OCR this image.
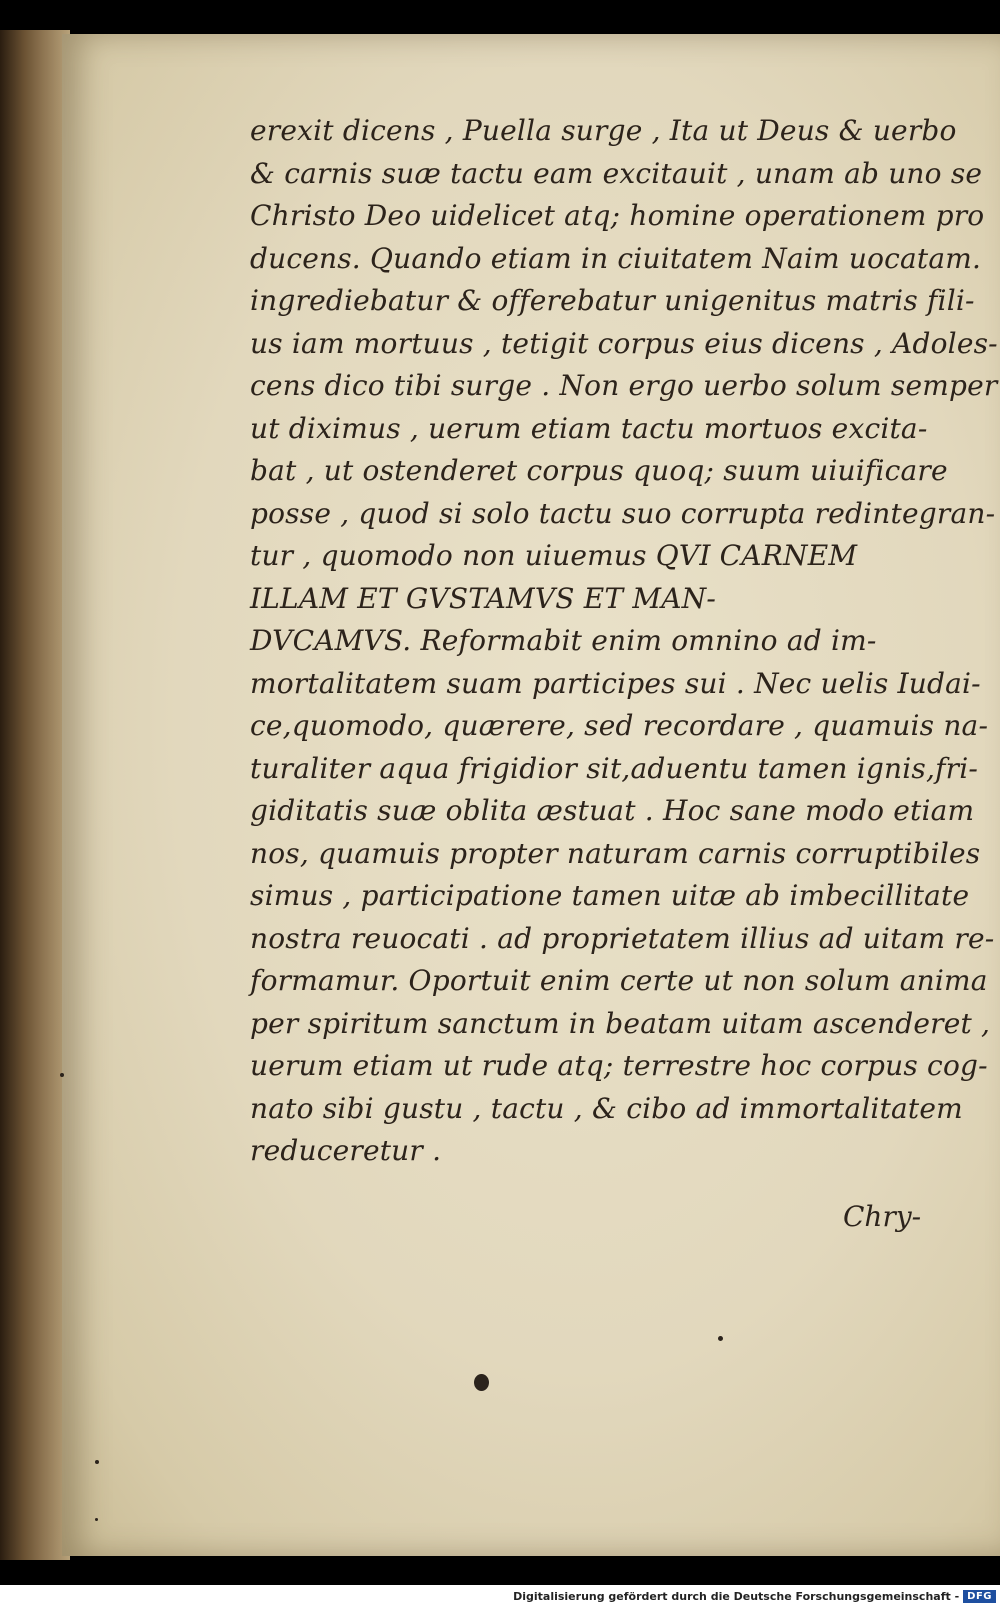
erexit dicens , Puella surge , Ita ut Deus & uerbo
& carnis suæ tactu eam excitauit , unam ab uno se
Christo Deo uidelicet atq; homine operationem pro
ducens. Quando etiam in ciuitatem Naim uocatam.
ingrediebatur & offerebatur unigenitus matris fili-
us iam mortuus , tetigit corpus eius dicens , Adoles-
cens dico tibi surge . Non ergo uerbo solum semper
ut diximus , uerum etiam tactu mortuos excita-
bat , ut ostenderet corpus quoq; suum uiuificare
posse , quod si solo tactu suo corrupta redintegran-
tur , quomodo non uiuemus QVI CARNEM
ILLAM ET GVSTAMVS ET MAN-
DVCAMVS. Reformabit enim omnino ad im-
mortalitatem suam participes sui . Nec uelis Iudai-
ce,quomodo, quærere, sed recordare , quamuis na-
turaliter aqua frigidior sit,aduentu tamen ignis,fri-
giditatis suæ oblita æstuat . Hoc sane modo etiam
nos, quamuis propter naturam carnis corruptibiles
simus , participatione tamen uitæ ab imbecillitate
nostra reuocati . ad proprietatem illius ad uitam re-
formamur. Oportuit enim certe ut non solum anima
per spiritum sanctum in beatam uitam ascenderet ,
uerum etiam ut rude atq; terrestre hoc corpus cog-
nato sibi gustu , tactu , & cibo ad immortalitatem
reduceretur .
Chry-
Digitalisierung gefördert durch die Deutsche Forschungsgemeinschaft - DFG
